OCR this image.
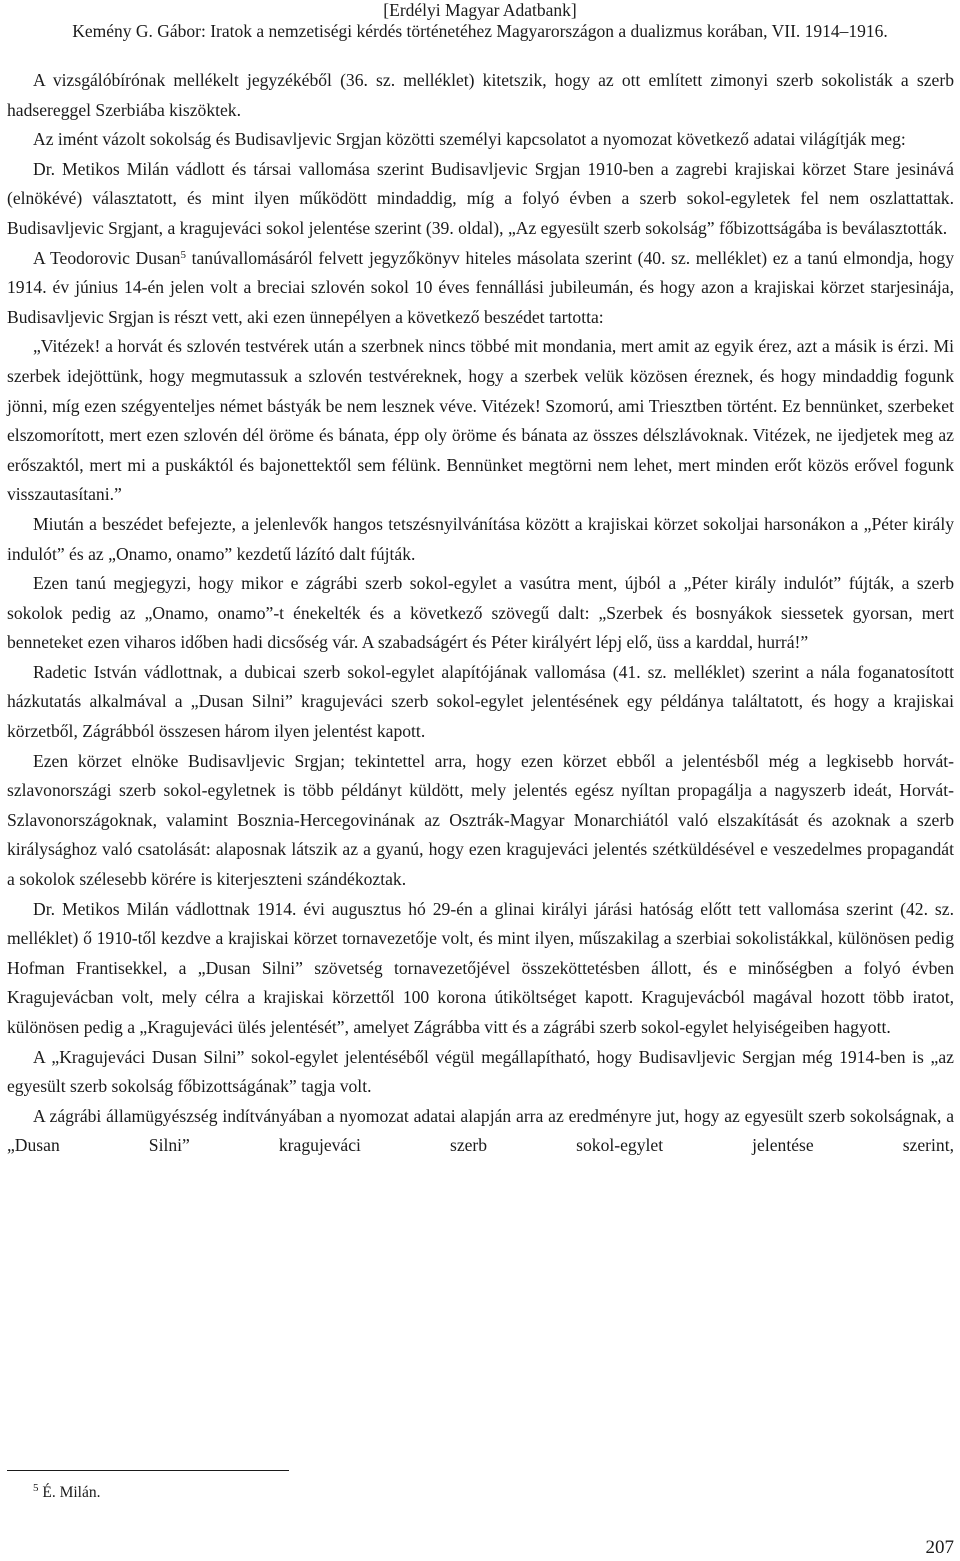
[Erdélyi Magyar Adatbank]
Kemény G. Gábor: Iratok a nemzetiségi kérdés történetéhez Magyarországon a dualizmus korában, VII. 1914–1916.

A vizsgálóbírónak mellékelt jegyzékéből (36. sz. melléklet) kitetszik, hogy az ott említett zimonyi szerb sokolisták a szerb hadsereggel Szerbiába kiszöktek.

Az imént vázolt sokolság és Budisavljevic Srgjan közötti személyi kapcsolatot a nyomozat következő adatai világítják meg:

Dr. Metikos Milán vádlott és társai vallomása szerint Budisavljevic Srgjan 1910-ben a zagrebi krajiskai körzet Stare jesinává (elnökévé) választatott, és mint ilyen működött mindaddig, míg a folyó évben a szerb sokol-egyletek fel nem oszlattattak. Budisavljevic Srgjant, a kragujeváci sokol jelentése szerint (39. oldal), „Az egyesült szerb sokolság” főbizottságába is beválasztották.

A Teodorovic Dusan$^5$ tanúvallomásáról felvett jegyzőkönyv hiteles másolata szerint (40. sz. melléklet) ez a tanú elmondja, hogy 1914. év június 14-én jelen volt a breciai szlovén sokol 10 éves fennállási jubileumán, és hogy azon a krajiskai körzet starjesinája, Budisavljevic Srgjan is részt vett, aki ezen ünnepélyen a következő beszédet tartotta:

„Vitézek! a horvát és szlovén testvérek után a szerbnek nincs többé mit mondania, mert amit az egyik érez, azt a másik is érzi. Mi szerbek idejöttünk, hogy megmutassuk a szlovén testvéreknek, hogy a szerbek velük közösen éreznek, és hogy mindaddig fogunk jönni, míg ezen szégyenteljes német bástyák be nem lesznek véve. Vitézek! Szomorú, ami Triesztben történt. Ez bennünket, szerbeket elszomorított, mert ezen szlovén dél öröme és bánata, épp oly öröme és bánata az összes délszlávoknak. Vitézek, ne ijedjetek meg az erőszaktól, mert mi a puskáktól és bajonettektől sem félünk. Bennünket megtörni nem lehet, mert minden erőt közös erővel fogunk visszautasítani.”

Miután a beszédet befejezte, a jelenlevők hangos tetszésnyilvánítása között a krajiskai körzet sokoljai harsonákon a „Péter király indulót” és az „Onamo, onamo” kezdetű lázító dalt fújták.

Ezen tanú megjegyzi, hogy mikor e zágrábi szerb sokol-egylet a vasútra ment, újból a „Péter király indulót” fújták, a szerb sokolok pedig az „Onamo, onamo”-t énekelték és a következő szövegű dalt: „Szerbek és bosnyákok siessetek gyorsan, mert benneteket ezen viharos időben hadi dicsőség vár. A szabadságért és Péter királyért lépj elő, üss a karddal, hurrá!”

Radetic István vádlottnak, a dubicai szerb sokol-egylet alapítójának vallomása (41. sz. melléklet) szerint a nála foganatosított házkutatás alkalmával a „Dusan Silni” kragujeváci szerb sokol-egylet jelentésének egy példánya találtatott, és hogy a krajiskai körzetből, Zágrábból összesen három ilyen jelentést kapott.

Ezen körzet elnöke Budisavljevic Srgjan; tekintettel arra, hogy ezen körzet ebből a jelentésből még a legkisebb horvát-szlavonországi szerb sokol-egyletnek is több példányt küldött, mely jelentés egész nyíltan propagálja a nagyszerb ideát, Horvát-Szlavonországoknak, valamint Bosznia-Hercegovinának az Osztrák-Magyar Monarchiától való elszakítását és azoknak a szerb királysághoz való csatolását: alaposnak látszik az a gyanú, hogy ezen kragujeváci jelentés szétküldésével e veszedelmes propagandát a sokolok szélesebb körére is kiterjeszteni szándékoztak.

Dr. Metikos Milán vádlottnak 1914. évi augusztus hó 29-én a glinai királyi járási hatóság előtt tett vallomása szerint (42. sz. melléklet) ő 1910-től kezdve a krajiskai körzet tornavezetője volt, és mint ilyen, műszakilag a szerbiai sokolistákkal, különösen pedig Hofman Frantisekkel, a „Dusan Silni” szövetség tornavezetőjével összeköttetésben állott, és e minőségben a folyó évben Kragujevácban volt, mely célra a krajiskai körzettől 100 korona útiköltséget kapott. Kragujevácból magával hozott több iratot, különösen pedig a „Kragujeváci ülés jelentését”, amelyet Zágrábba vitt és a zágrábi szerb sokol-egylet helyiségeiben hagyott.

A „Kragujeváci Dusan Silni” sokol-egylet jelentéséből végül megállapítható, hogy Budisavljevic Sergjan még 1914-ben is „az egyesült szerb sokolság főbizottságának” tagja volt.

A zágrábi államügyészség indítványában a nyomozat adatai alapján arra az eredményre jut, hogy az egyesült szerb sokolságnak, a „Dusan Silni” kragujeváci szerb sokol-egylet jelentése szerint,

$^5$ É. Milán.
207
